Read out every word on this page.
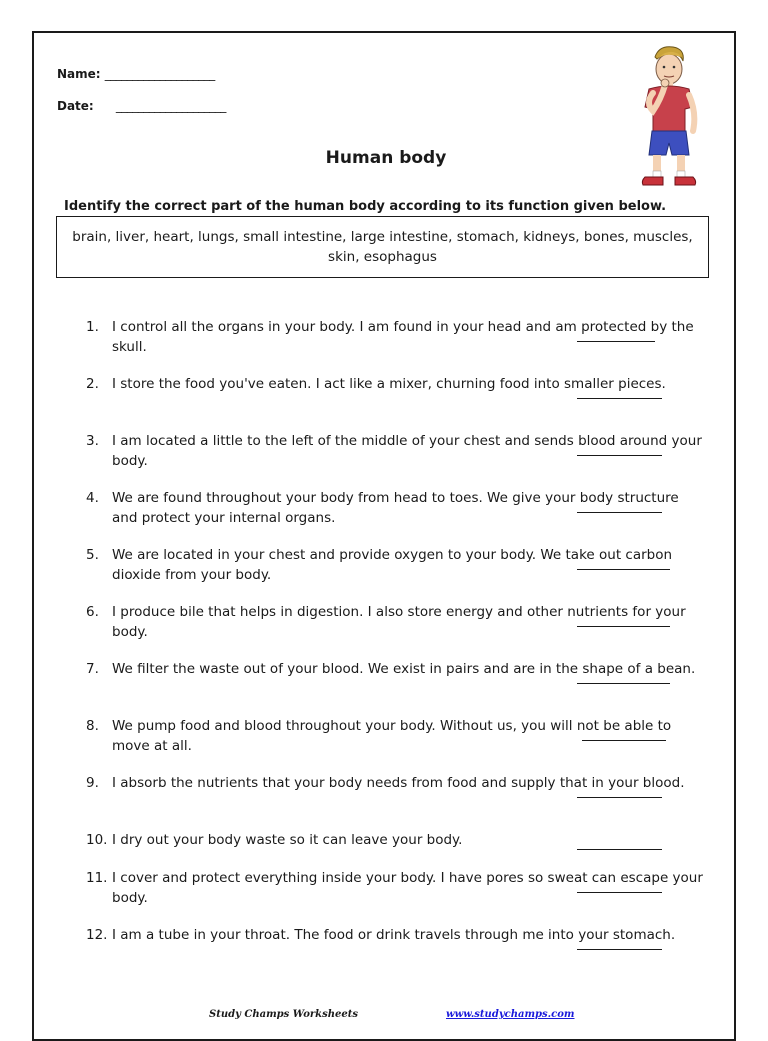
Name: ____________________
Date: ____________________
Human body
Identify the correct part of the human body according to its function given below.
brain, liver, heart, lungs, small intestine, large intestine, stomach, kidneys, bones, muscles, skin, esophagus
1. I control all the organs in your body. I am found in your head and am protected by the skull.
2. I store the food you've eaten. I act like a mixer, churning food into smaller pieces.
3. I am located a little to the left of the middle of your chest and sends blood around your body.
4. We are found throughout your body from head to toes. We give your body structure and protect your internal organs.
5. We are located in your chest and provide oxygen to your body. We take out carbon dioxide from your body.
6. I produce bile that helps in digestion. I also store energy and other nutrients for your body.
7. We filter the waste out of your blood. We exist in pairs and are in the shape of a bean.
8. We pump food and blood throughout your body. Without us, you will not be able to move at all.
9. I absorb the nutrients that your body needs from food and supply that in your blood.
10. I dry out your body waste so it can leave your body.
11. I cover and protect everything inside your body. I have pores so sweat can escape your body.
12. I am a tube in your throat. The food or drink travels through me into your stomach.
Study Champs Worksheets	www.studychamps.com
